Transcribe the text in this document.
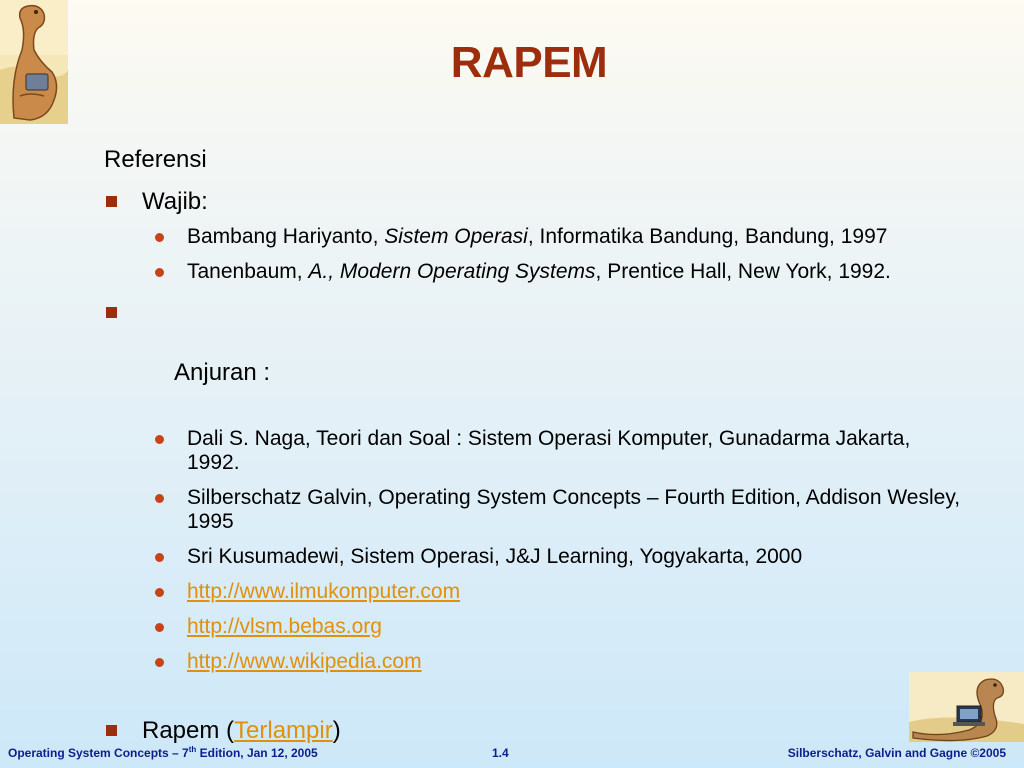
RAPEM
Referensi
Wajib:
Bambang Hariyanto, Sistem Operasi, Informatika Bandung, Bandung, 1997
Tanenbaum, A., Modern Operating Systems, Prentice Hall, New York, 1992.

Anjuran :

Dali S. Naga, Teori dan Soal : Sistem Operasi Komputer, Gunadarma Jakarta, 1992.
Silberschatz Galvin, Operating System Concepts – Fourth Edition, Addison Wesley, 1995
Sri Kusumadewi, Sistem Operasi, J&J Learning, Yogyakarta, 2000
http://www.ilmukomputer.com
http://vlsm.bebas.org
http://www.wikipedia.com
Rapem (Terlampir)
Operating System Concepts – 7th Edition, Jan 12, 2005	1.4	Silberschatz, Galvin and Gagne ©2005
